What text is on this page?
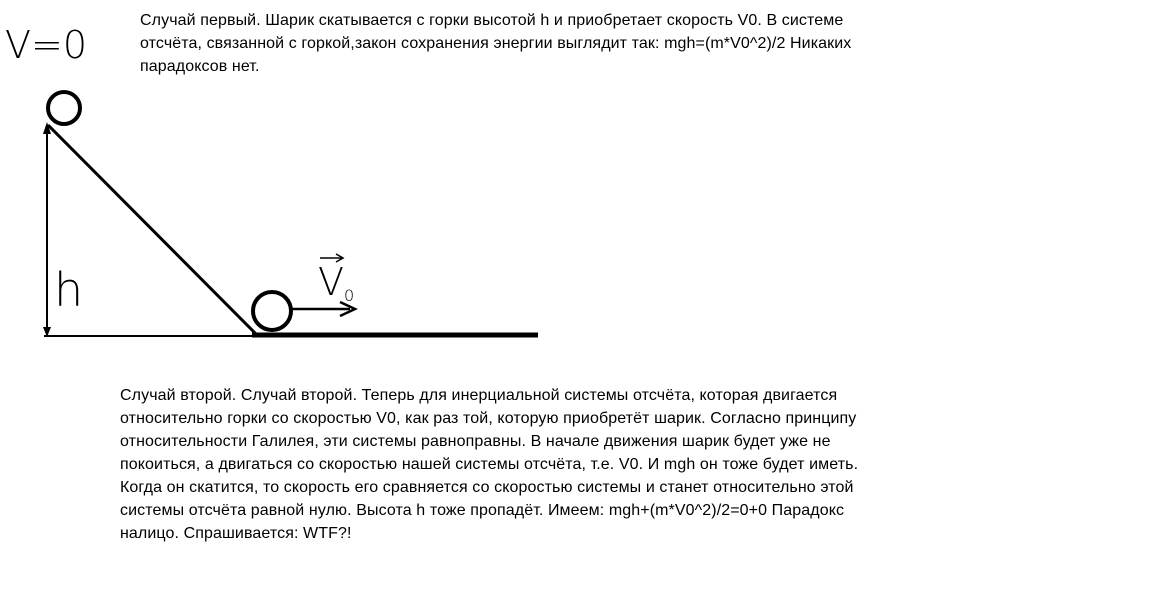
V=0
h	V0
Случай первый. Шарик скатывается с горки высотой h и приобретает скорость V0. В системе
отсчёта, связанной с горкой,закон сохранения энергии выглядит так: mgh=(m*V0^2)/2 Никаких
парадоксов нет.
Случай второй. Случай второй. Теперь для инерциальной системы отсчёта, которая двигается
относительно горки со скоростью V0, как раз той, которую приобретёт шарик. Согласно принципу
относительности Галилея, эти системы равноправны. В начале движения шарик будет уже не
покоиться, а двигаться со скоростью нашей системы отсчёта, т.е. V0. И mgh он тоже будет иметь.
Когда он скатится, то скорость его сравняется со скоростью системы и станет относительно этой
системы отсчёта равной нулю. Высота h тоже пропадёт. Имеем: mgh+(m*V0^2)/2=0+0 Парадокс
налицо. Спрашивается: WTF?!
